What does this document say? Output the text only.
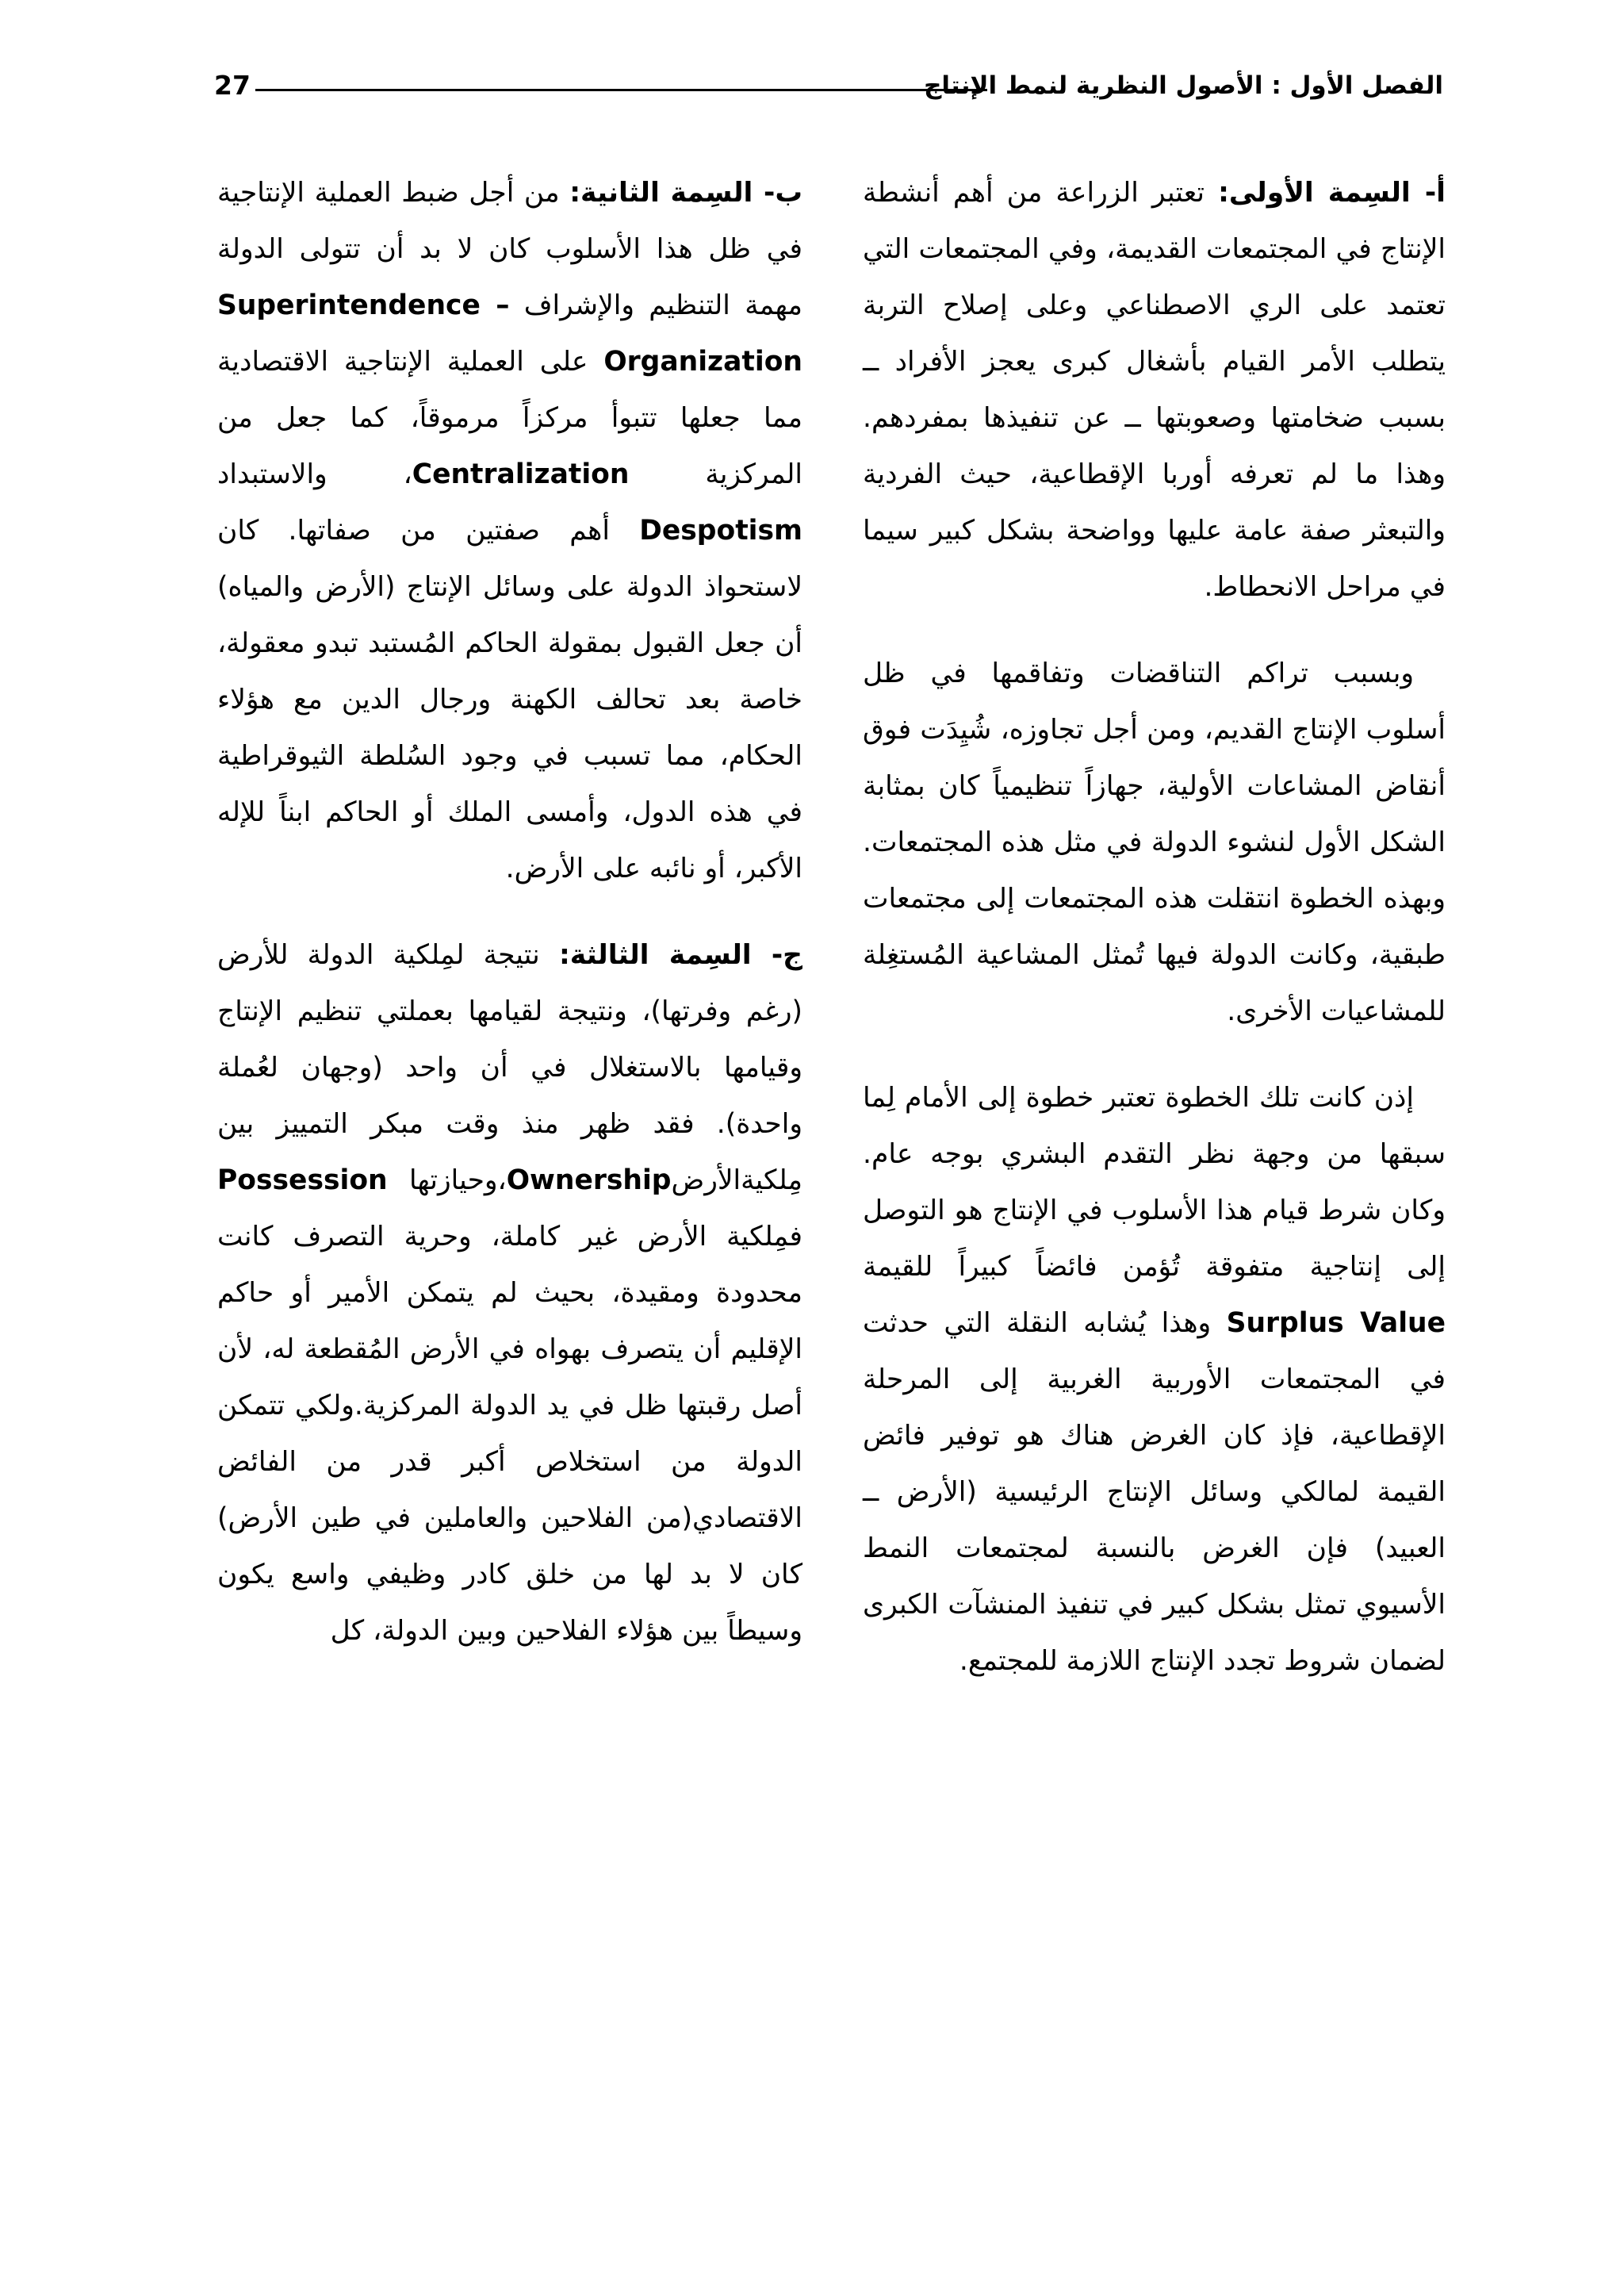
الفصل الأول : الأصول النظرية لنمط الإنتاج
27

أ- السِمة الأولى: تعتبر الزراعة من أهم أنشطة الإنتاج في المجتمعات القديمة، وفي المجتمعات التي تعتمد على الري الاصطناعي وعلى إصلاح التربة يتطلب الأمر القيام بأشغال كبرى يعجز الأفراد ــ بسبب ضخامتها وصعوبتها ــ عن تنفيذها بمفردهم. وهذا ما لم تعرفه أوربا الإقطاعية، حيث الفردية والتبعثر صفة عامة عليها وواضحة بشكل كبير سيما في مراحل الانحطاط.

وبسبب تراكم التناقضات وتفاقمها في ظل أسلوب الإنتاج القديم، ومن أجل تجاوزه، شُيِدَت فوق أنقاض المشاعات الأولية، جهازاً تنظيمياً كان بمثابة الشكل الأول لنشوء الدولة في مثل هذه المجتمعات. وبهذه الخطوة انتقلت هذه المجتمعات إلى مجتمعات طبقية، وكانت الدولة فيها تُمثل المشاعية المُستغِلة للمشاعيات الأخرى.

إذن كانت تلك الخطوة تعتبر خطوة إلى الأمام لِما سبقها من وجهة نظر التقدم البشري بوجه عام. وكان شرط قيام هذا الأسلوب في الإنتاج هو التوصل إلى إنتاجية متفوقة تُؤمن فائضاً كبيراً للقيمة Surplus Value وهذا يُشابه النقلة التي حدثت في المجتمعات الأوربية الغربية إلى المرحلة الإقطاعية، فإذ كان الغرض هناك هو توفير فائض القيمة لمالكي وسائل الإنتاج الرئيسية (الأرض ــ العبيد) فإن الغرض بالنسبة لمجتمعات النمط الأسيوي تمثل بشكل كبير في تنفيذ المنشآت الكبرى لضمان شروط تجدد الإنتاج اللازمة للمجتمع.

ب- السِمة الثانية: من أجل ضبط العملية الإنتاجية في ظل هذا الأسلوب كان لا بد أن تتولى الدولة مهمة التنظيم والإشراف Superintendence – Organization على العملية الإنتاجية الاقتصادية مما جعلها تتبوأ مركزاً مرموقاً، كما جعل من المركزية Centralization، والاستبداد Despotism أهم صفتين من صفاتها. كان لاستحواذ الدولة على وسائل الإنتاج (الأرض والمياه) أن جعل القبول بمقولة الحاكم المُستبد تبدو معقولة، خاصة بعد تحالف الكهنة ورجال الدين مع هؤلاء الحكام، مما تسبب في وجود السُلطة الثيوقراطية في هذه الدول، وأمسى الملك أو الحاكم ابناً للإله الأكبر، أو نائبه على الأرض.

ج- السِمة الثالثة: نتيجة لمِلكية الدولة للأرض (رغم وفرتها)، ونتيجة لقيامها بعملتي تنظيم الإنتاج وقيامها بالاستغلال في أن واحد (وجهان لعُملة واحدة). فقد ظهر منذ وقت مبكر التمييز بين مِلكيةالأرضOwnership،وحيازتها Possession فمِلكية الأرض غير كاملة، وحرية التصرف كانت محدودة ومقيدة، بحيث لم يتمكن الأمير أو حاكم الإقليم أن يتصرف بهواه في الأرض المُقطعة له، لأن أصل رقبتها ظل في يد الدولة المركزية.ولكي تتمكن الدولة من استخلاص أكبر قدر من الفائض الاقتصادي(من الفلاحين والعاملين في طين الأرض) كان لا بد لها من خلق كادر وظيفي واسع يكون وسيطاً بين هؤلاء الفلاحين وبين الدولة، كل
